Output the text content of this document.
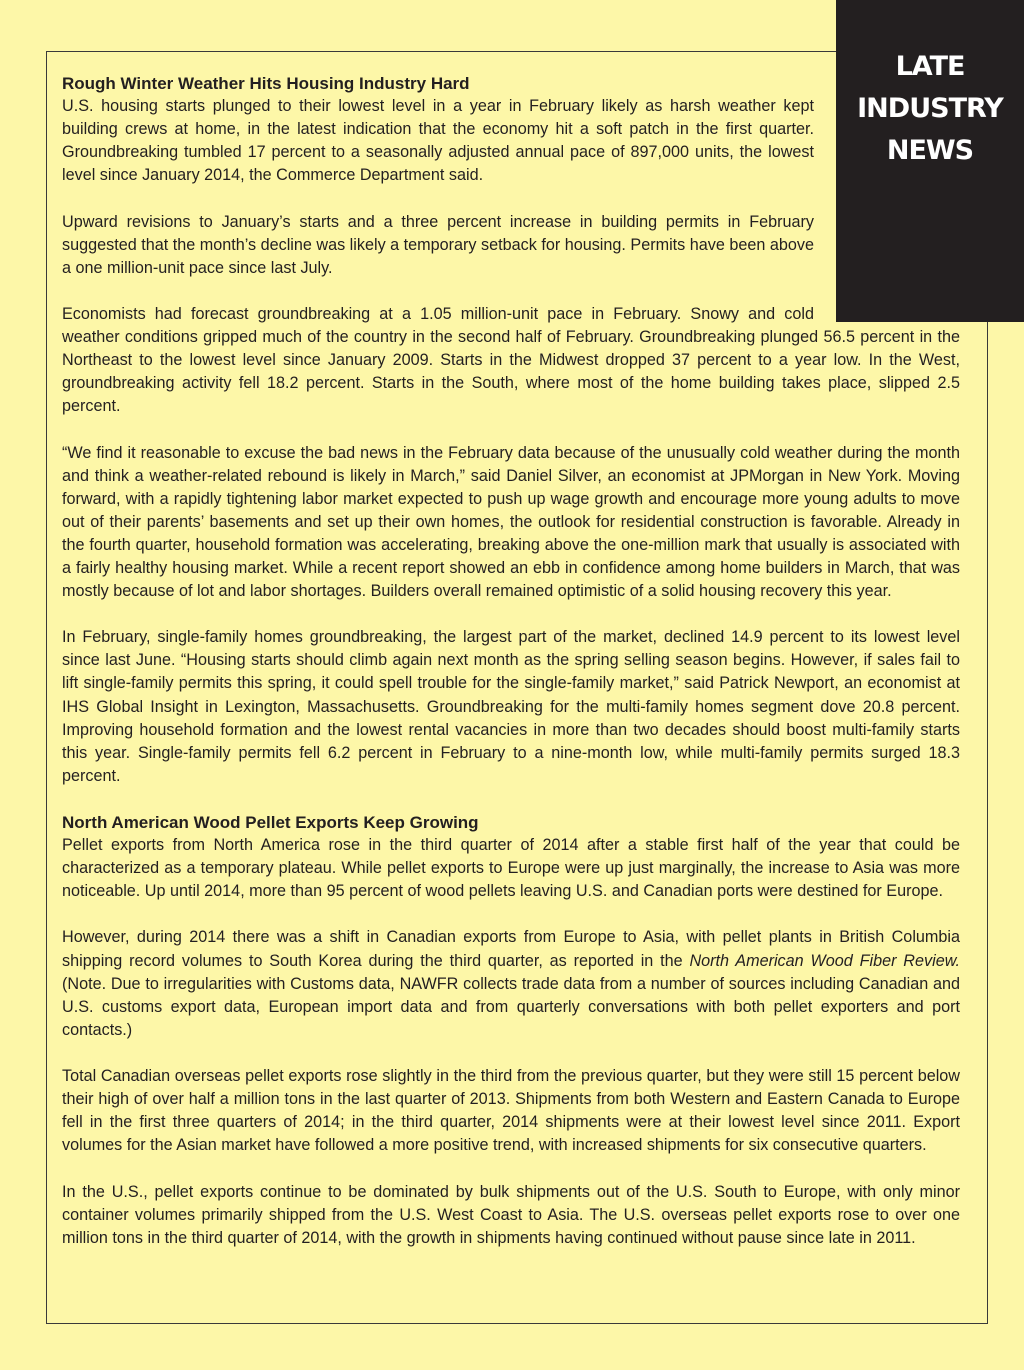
LATE
INDUSTRY
NEWS
Rough Winter Weather Hits Housing Industry Hard

U.S. housing starts plunged to their lowest level in a year in February likely as harsh weather kept building crews at home, in the latest indication that the economy hit a soft patch in the first quarter. Groundbreaking tumbled 17 percent to a seasonally adjusted annual pace of 897,000 units, the lowest level since January 2014, the Commerce Department said.

Upward revisions to January’s starts and a three percent increase in building permits in February suggested that the month’s decline was likely a temporary setback for housing. Permits have been above a one million-unit pace since last July.

Economists had forecast groundbreaking at a 1.05 million-unit pace in February. Snowy and cold weather conditions gripped much of the country in the second half of February. Groundbreaking plunged 56.5 percent in the Northeast to the lowest level since January 2009. Starts in the Midwest dropped 37 percent to a year low. In the West, groundbreaking activity fell 18.2 percent. Starts in the South, where most of the home building takes place, slipped 2.5 percent.

“We find it reasonable to excuse the bad news in the February data because of the unusually cold weather during the month and think a weather-related rebound is likely in March,” said Daniel Silver, an economist at JPMorgan in New York. Moving forward, with a rapidly tightening labor market expected to push up wage growth and encourage more young adults to move out of their parents’ basements and set up their own homes, the outlook for residential construction is favorable. Already in the fourth quarter, household formation was accelerating, breaking above the one-million mark that usually is associated with a fairly healthy housing market. While a recent report showed an ebb in confidence among home builders in March, that was mostly because of lot and labor shortages. Builders overall remained optimistic of a solid housing recovery this year.

In February, single-family homes groundbreaking, the largest part of the market, declined 14.9 percent to its lowest level since last June. “Housing starts should climb again next month as the spring selling season begins. However, if sales fail to lift single-family permits this spring, it could spell trouble for the single-family market,” said Patrick Newport, an economist at IHS Global Insight in Lexington, Massachusetts. Groundbreaking for the multi-family homes segment dove 20.8 percent. Improving household formation and the lowest rental vacancies in more than two decades should boost multi-family starts this year. Single-family permits fell 6.2 percent in February to a nine-month low, while multi-family permits surged 18.3 percent.

North American Wood Pellet Exports Keep Growing

Pellet exports from North America rose in the third quarter of 2014 after a stable first half of the year that could be characterized as a temporary plateau. While pellet exports to Europe were up just marginally, the increase to Asia was more noticeable. Up until 2014, more than 95 percent of wood pellets leaving U.S. and Canadian ports were destined for Europe.

However, during 2014 there was a shift in Canadian exports from Europe to Asia, with pellet plants in British Columbia shipping record volumes to South Korea during the third quarter, as reported in the North American Wood Fiber Review. (Note. Due to irregularities with Customs data, NAWFR collects trade data from a number of sources including Canadian and U.S. customs export data, European import data and from quarterly conversations with both pellet exporters and port contacts.)

Total Canadian overseas pellet exports rose slightly in the third from the previous quarter, but they were still 15 percent below their high of over half a million tons in the last quarter of 2013. Shipments from both Western and Eastern Canada to Europe fell in the first three quarters of 2014; in the third quarter, 2014 shipments were at their lowest level since 2011. Export volumes for the Asian market have followed a more positive trend, with increased shipments for six consecutive quarters.

In the U.S., pellet exports continue to be dominated by bulk shipments out of the U.S. South to Europe, with only minor container volumes primarily shipped from the U.S. West Coast to Asia. The U.S. overseas pellet exports rose to over one million tons in the third quarter of 2014, with the growth in shipments having continued without pause since late in 2011.
